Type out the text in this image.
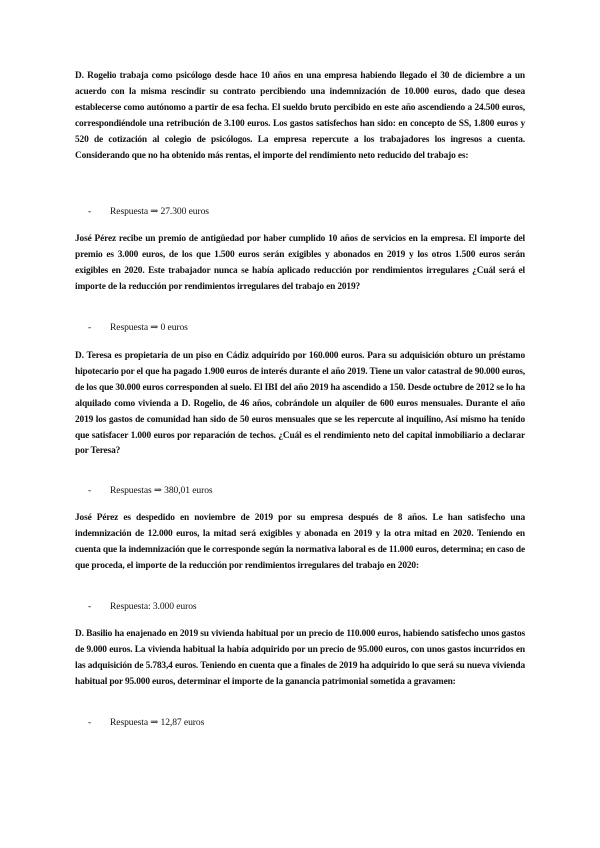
D. Rogelio trabaja como psicólogo desde hace 10 años en una empresa habiendo llegado el 30 de diciembre a un acuerdo con la misma rescindir su contrato percibiendo una indemnización de 10.000 euros, dado que desea establecerse como autónomo a partir de esa fecha. El sueldo bruto percibido en este año ascendiendo a 24.500 euros, correspondiéndole una retribución de 3.100 euros. Los gastos satisfechos han sido: en concepto de SS, 1.800 euros y 520 de cotización al colegio de psicólogos. La empresa repercute a los trabajadores los ingresos a cuenta. Considerando que no ha obtenido más rentas, el importe del rendimiento neto reducido del trabajo es:

- Respuesta ⇒ 27.300 euros

José Pérez recibe un premio de antigüedad por haber cumplido 10 años de servicios en la empresa. El importe del premio es 3.000 euros, de los que 1.500 euros serán exigibles y abonados en 2019 y los otros 1.500 euros serán exigibles en 2020. Este trabajador nunca se había aplicado reducción por rendimientos irregulares ¿Cuál será el importe de la reducción por rendimientos irregulares del trabajo en 2019?

- Respuesta ⇒ 0 euros

D. Teresa es propietaria de un piso en Cádiz adquirido por 160.000 euros. Para su adquisición obturo un préstamo hipotecario por el que ha pagado 1.900 euros de interés durante el año 2019. Tiene un valor catastral de 90.000 euros, de los que 30.000 euros corresponden al suelo. El IBI del año 2019 ha ascendido a 150. Desde octubre de 2012 se lo ha alquilado como vivienda a D. Rogelio, de 46 años, cobrándole un alquiler de 600 euros mensuales. Durante el año 2019 los gastos de comunidad han sido de 50 euros mensuales que se les repercute al inquilino, Así mismo ha tenido que satisfacer 1.000 euros por reparación de techos. ¿Cuál es el rendimiento neto del capital inmobiliario a declarar por Teresa?

- Respuestas ⇒ 380,01 euros

José Pérez es despedido en noviembre de 2019 por su empresa después de 8 años. Le han satisfecho una indemnización de 12.000 euros, la mitad será exigibles y abonada en 2019 y la otra mitad en 2020. Teniendo en cuenta que la indemnización que le corresponde según la normativa laboral es de 11.000 euros, determina; en caso de que proceda, el importe de la reducción por rendimientos irregulares del trabajo en 2020:

- Respuesta: 3.000 euros

D. Basilio ha enajenado en 2019 su vivienda habitual por un precio de 110.000 euros, habiendo satisfecho unos gastos de 9.000 euros. La vivienda habitual la había adquirido por un precio de 95.000 euros, con unos gastos incurridos en las adquisición de 5.783,4 euros. Teniendo en cuenta que a finales de 2019 ha adquirido lo que será su nueva vivienda habitual por 95.000 euros, determinar el importe de la ganancia patrimonial sometida a gravamen:

- Respuesta ⇒ 12,87 euros
